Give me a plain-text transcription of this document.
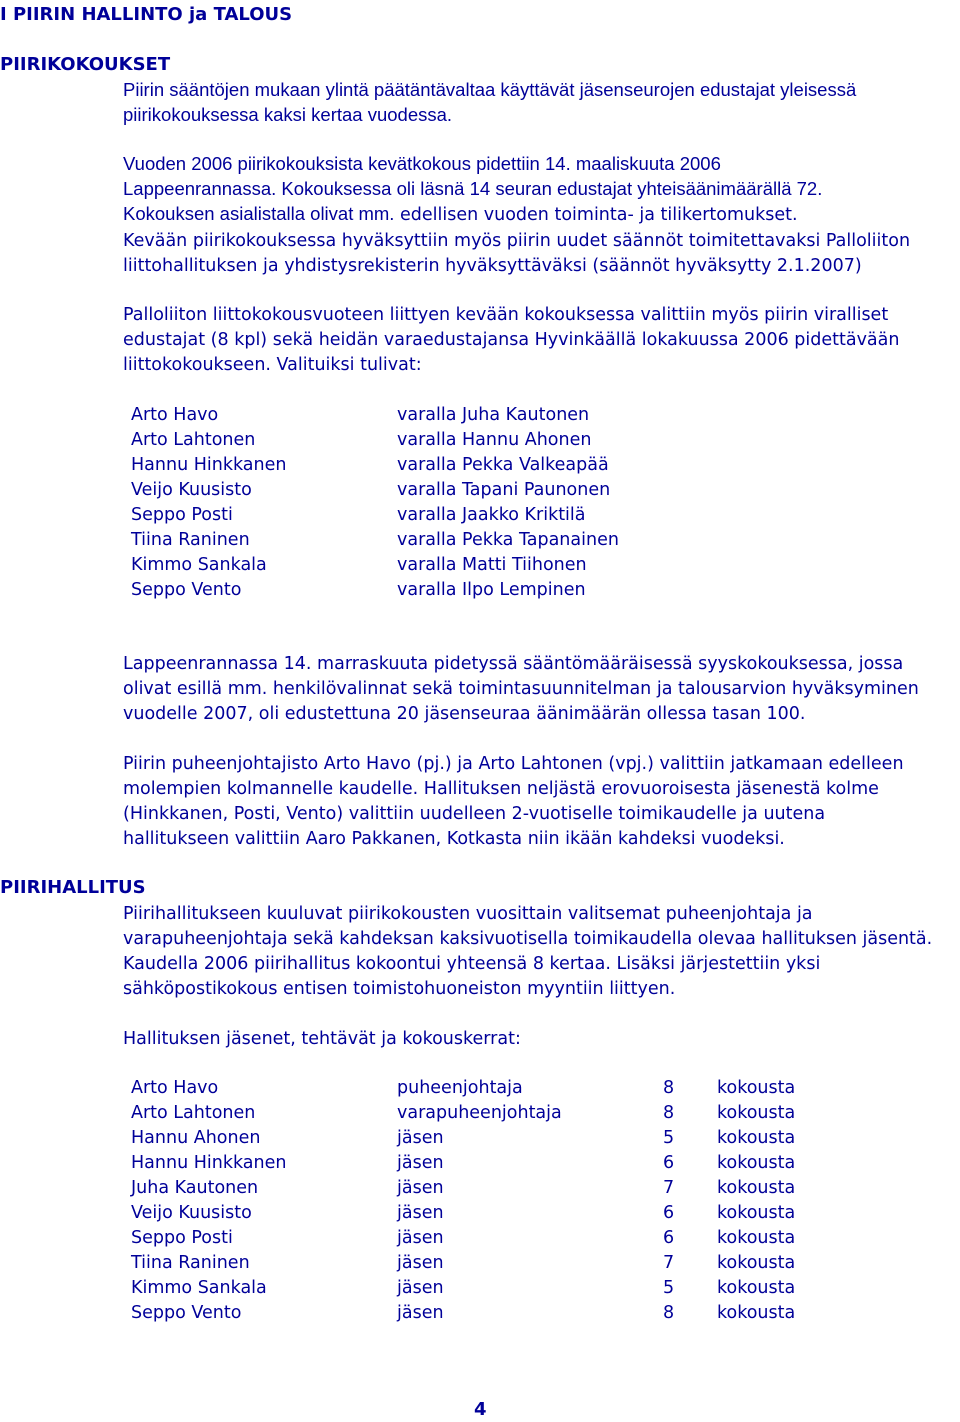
I PIIRIN HALLINTO ja TALOUS
PIIRIKOKOUKSET
Piirin sääntöjen mukaan ylintä päätäntävaltaa käyttävät jäsenseurojen edustajat yleisessä
piirikokouksessa kaksi kertaa vuodessa.
Vuoden 2006 piirikokouksista kevätkokous pidettiin 14. maaliskuuta 2006
Lappeenrannassa. Kokouksessa oli läsnä 14 seuran edustajat yhteisäänimäärällä 72.
Kokouksen asialistalla olivat mm. edellisen vuoden toiminta- ja tilikertomukset.
Kevään piirikokouksessa hyväksyttiin myös piirin uudet säännöt toimitettavaksi Palloliiton
liittohallituksen ja yhdistysrekisterin hyväksyttäväksi (säännöt hyväksytty 2.1.2007)
Palloliiton liittokokousvuoteen liittyen kevään kokouksessa valittiin myös piirin viralliset
edustajat (8 kpl) sekä heidän varaedustajansa Hyvinkäällä lokakuussa 2006 pidettävään
liittokokoukseen. Valituiksi tulivat:
Arto Havo	varalla Juha Kautonen
Arto Lahtonen	varalla Hannu Ahonen
Hannu Hinkkanen	varalla Pekka Valkeapää
Veijo Kuusisto	varalla Tapani Paunonen
Seppo Posti	varalla Jaakko Kriktilä
Tiina Raninen	varalla Pekka Tapanainen
Kimmo Sankala	varalla Matti Tiihonen
Seppo Vento	varalla Ilpo Lempinen
Lappeenrannassa 14. marraskuuta pidetyssä sääntömääräisessä syyskokouksessa, jossa
olivat esillä mm. henkilövalinnat sekä toimintasuunnitelman ja talousarvion hyväksyminen
vuodelle 2007, oli edustettuna 20 jäsenseuraa äänimäärän ollessa tasan 100.
Piirin puheenjohtajisto Arto Havo (pj.) ja Arto Lahtonen (vpj.) valittiin jatkamaan edelleen
molempien kolmannelle kaudelle. Hallituksen neljästä erovuoroisesta jäsenestä kolme
(Hinkkanen, Posti, Vento) valittiin uudelleen 2-vuotiselle toimikaudelle ja uutena
hallitukseen valittiin Aaro Pakkanen, Kotkasta niin ikään kahdeksi vuodeksi.
PIIRIHALLITUS
Piirihallitukseen kuuluvat piirikokousten vuosittain valitsemat puheenjohtaja ja
varapuheenjohtaja sekä kahdeksan kaksivuotisella toimikaudella olevaa hallituksen jäsentä.
Kaudella 2006 piirihallitus kokoontui yhteensä 8 kertaa. Lisäksi järjestettiin yksi
sähköpostikokous entisen toimistohuoneiston myyntiin liittyen.
Hallituksen jäsenet, tehtävät ja kokouskerrat:
Arto Havo	puheenjohtaja	8 kokousta
Arto Lahtonen	varapuheenjohtaja	8 kokousta
Hannu Ahonen	jäsen	5 kokousta
Hannu Hinkkanen	jäsen	6 kokousta
Juha Kautonen	jäsen	7 kokousta
Veijo Kuusisto	jäsen	6 kokousta
Seppo Posti	jäsen	6 kokousta
Tiina Raninen	jäsen	7 kokousta
Kimmo Sankala	jäsen	5 kokousta
Seppo Vento	jäsen	8 kokousta
4
